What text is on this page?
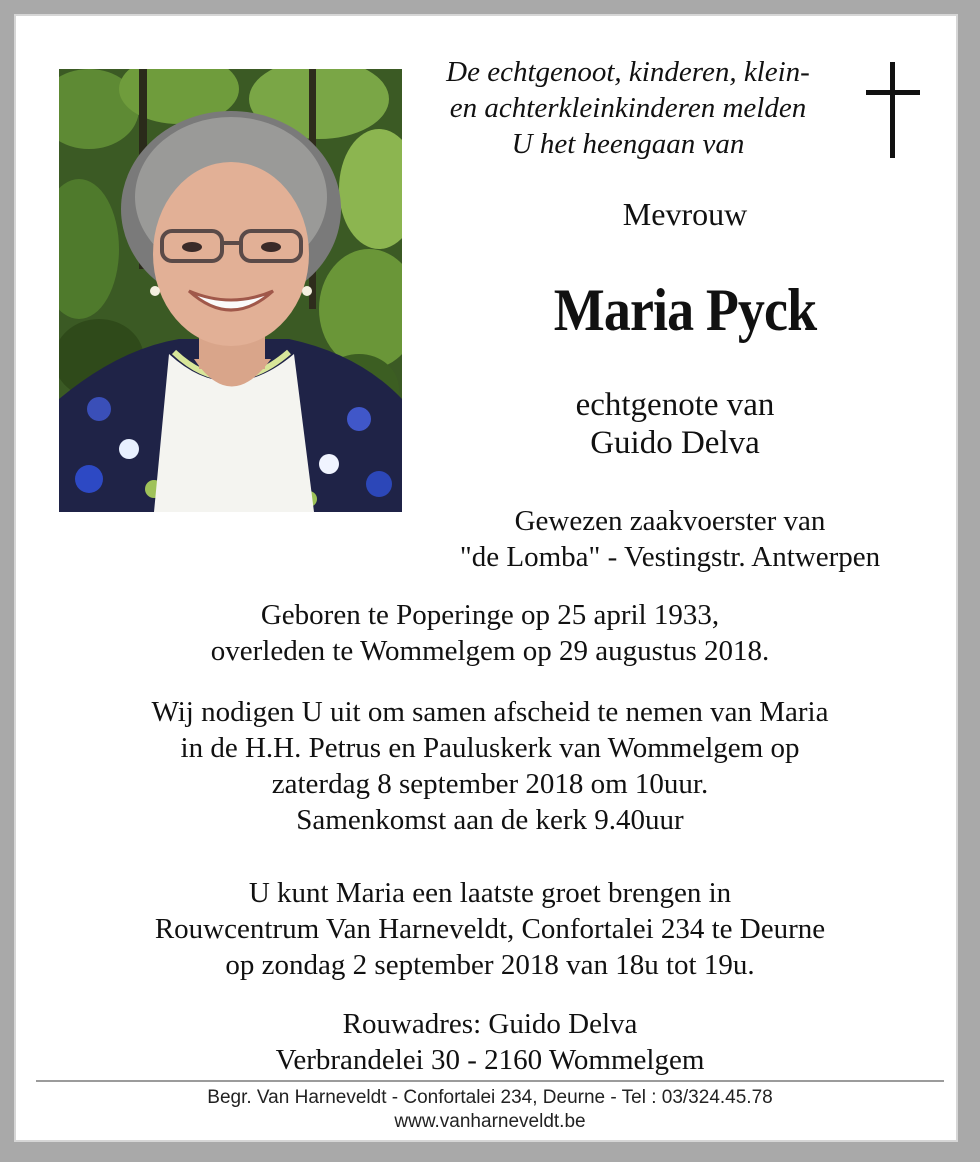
De echtgenoot, kinderen, klein-
en achterkleinkinderen melden
U het heengaan van
Mevrouw
Maria Pyck
echtgenote van
Guido Delva
Gewezen zaakvoerster van
"de Lomba" - Vestingstr. Antwerpen
Geboren te Poperinge op 25 april 1933,
overleden te Wommelgem op 29 augustus 2018.
Wij nodigen U uit om samen afscheid te nemen van Maria
in de H.H. Petrus en Pauluskerk van Wommelgem op
zaterdag 8 september 2018 om 10uur.
Samenkomst aan de kerk 9.40uur
U kunt Maria een laatste groet brengen in
Rouwcentrum Van Harneveldt, Confortalei 234 te Deurne
op zondag 2 september 2018 van 18u tot 19u.
Rouwadres: Guido Delva
Verbrandelei 30 - 2160 Wommelgem
Begr. Van Harneveldt - Confortalei 234, Deurne - Tel : 03/324.45.78
www.vanharneveldt.be
